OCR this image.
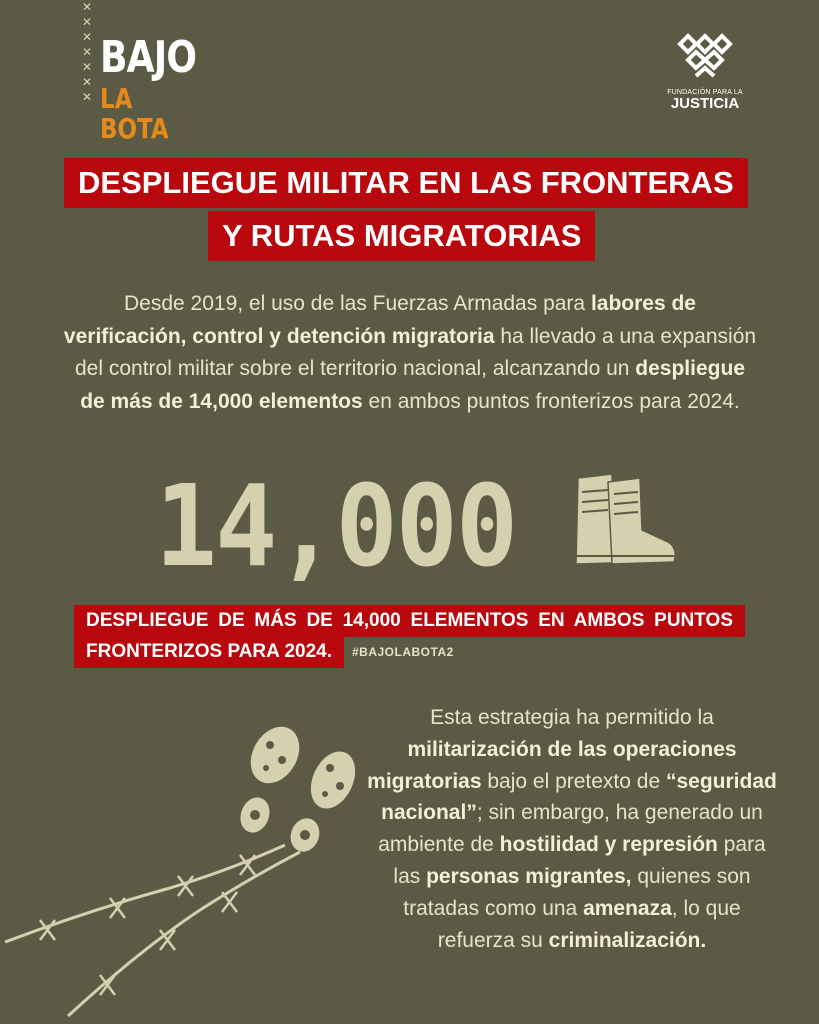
✕
✕
✕
✕
✕
✕
✕
BAJO
LA BOTA
FUNDACIÓN PARA LA
JUSTICIA
DESPLIEGUE MILITAR EN LAS FRONTERAS
Y RUTAS MIGRATORIAS
Desde 2019, el uso de las Fuerzas Armadas para labores de verificación, control y detención migratoria ha llevado a una expansión del control militar sobre el territorio nacional, alcanzando un despliegue de más de 14,000 elementos en ambos puntos fronterizos para 2024.
14,000
DESPLIEGUE DE MÁS DE 14,000 ELEMENTOS EN AMBOS PUNTOS
FRONTERIZOS PARA 2024.	#BAJOLABOTA2
Esta estrategia ha permitido la militarización de las operaciones migratorias bajo el pretexto de “seguridad nacional”; sin embargo, ha generado un ambiente de hostilidad y represión para las personas migrantes, quienes son tratadas como una amenaza, lo que refuerza su criminalización.
